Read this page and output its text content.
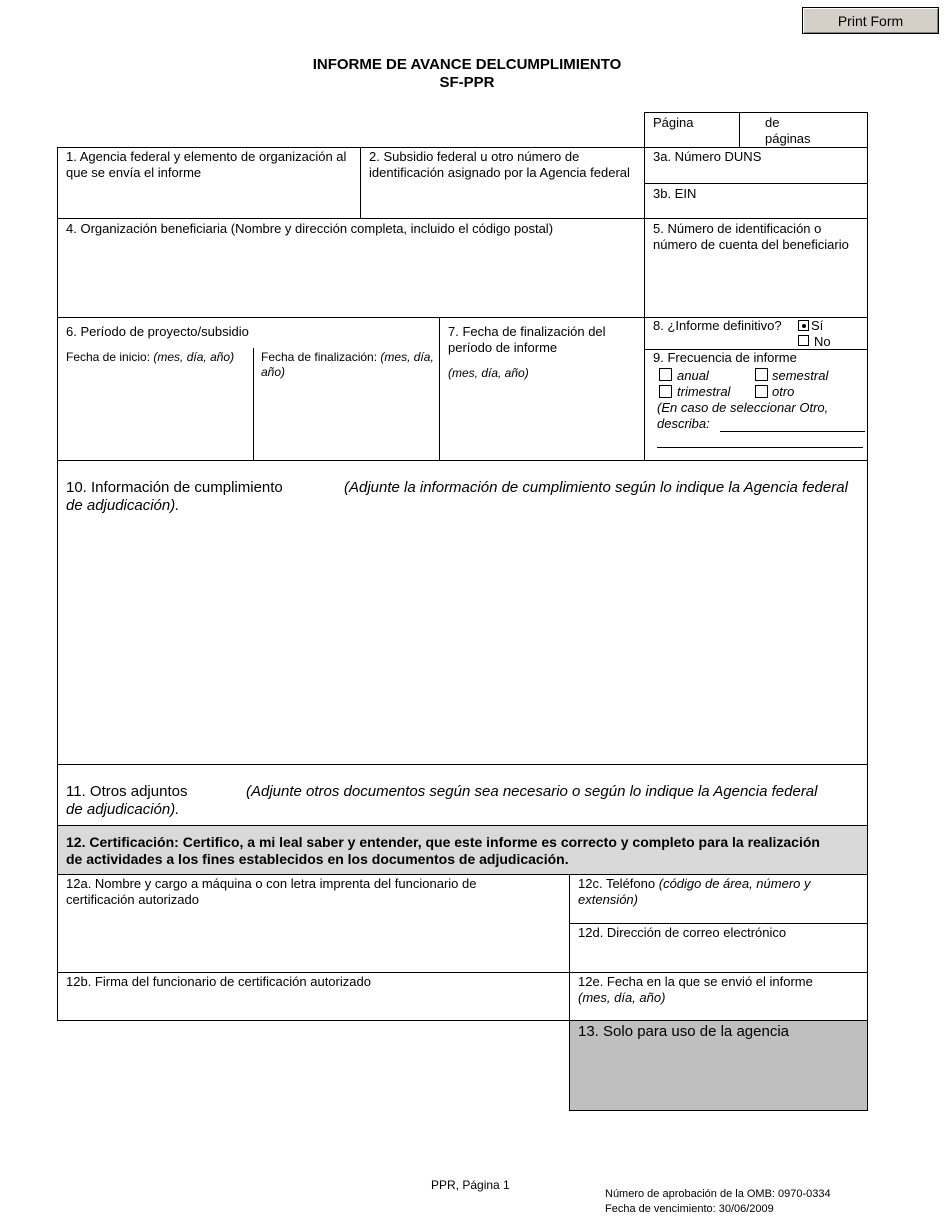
Print Form
INFORME DE AVANCE DELCUMPLIMIENTO
SF-PPR
Página	de
páginas
1. Agencia federal y elemento de organización al que se envía el informe
2. Subsidio federal u otro número de identificación asignado por la Agencia federal
3a. Número DUNS
3b. EIN
4. Organización beneficiaria (Nombre y dirección completa, incluido el código postal)	5. Número de identificación o número de cuenta del beneficiario
6. Período de proyecto/subsidio
Fecha de inicio: (mes, día, año)	Fecha de finalización: (mes, día, año)
7. Fecha de finalización del período de informe
(mes, día, año)
8. ¿Informe definitivo? Sí
No
9. Frecuencia de informe
anual	semestral
trimestral	otro
(En caso de seleccionar Otro, describa:
10. Información de cumplimiento	(Adjunte la información de cumplimiento según lo indique la Agencia federal
de adjudicación).
11. Otros adjuntos	(Adjunte otros documentos según sea necesario o según lo indique la Agencia federal
de adjudicación).
12. Certificación: Certifico, a mi leal saber y entender, que este informe es correcto y completo para la realización de actividades a los fines establecidos en los documentos de adjudicación.
12a. Nombre y cargo a máquina o con letra imprenta del funcionario de certificación autorizado
12b. Firma del funcionario de certificación autorizado
12c. Teléfono (código de área, número y extensión)
12d. Dirección de correo electrónico
12e. Fecha en la que se envió el informe
(mes, día, año)
13. Solo para uso de la agencia
PPR, Página 1
Número de aprobación de la OMB: 0970-0334
Fecha de vencimiento: 30/06/2009
